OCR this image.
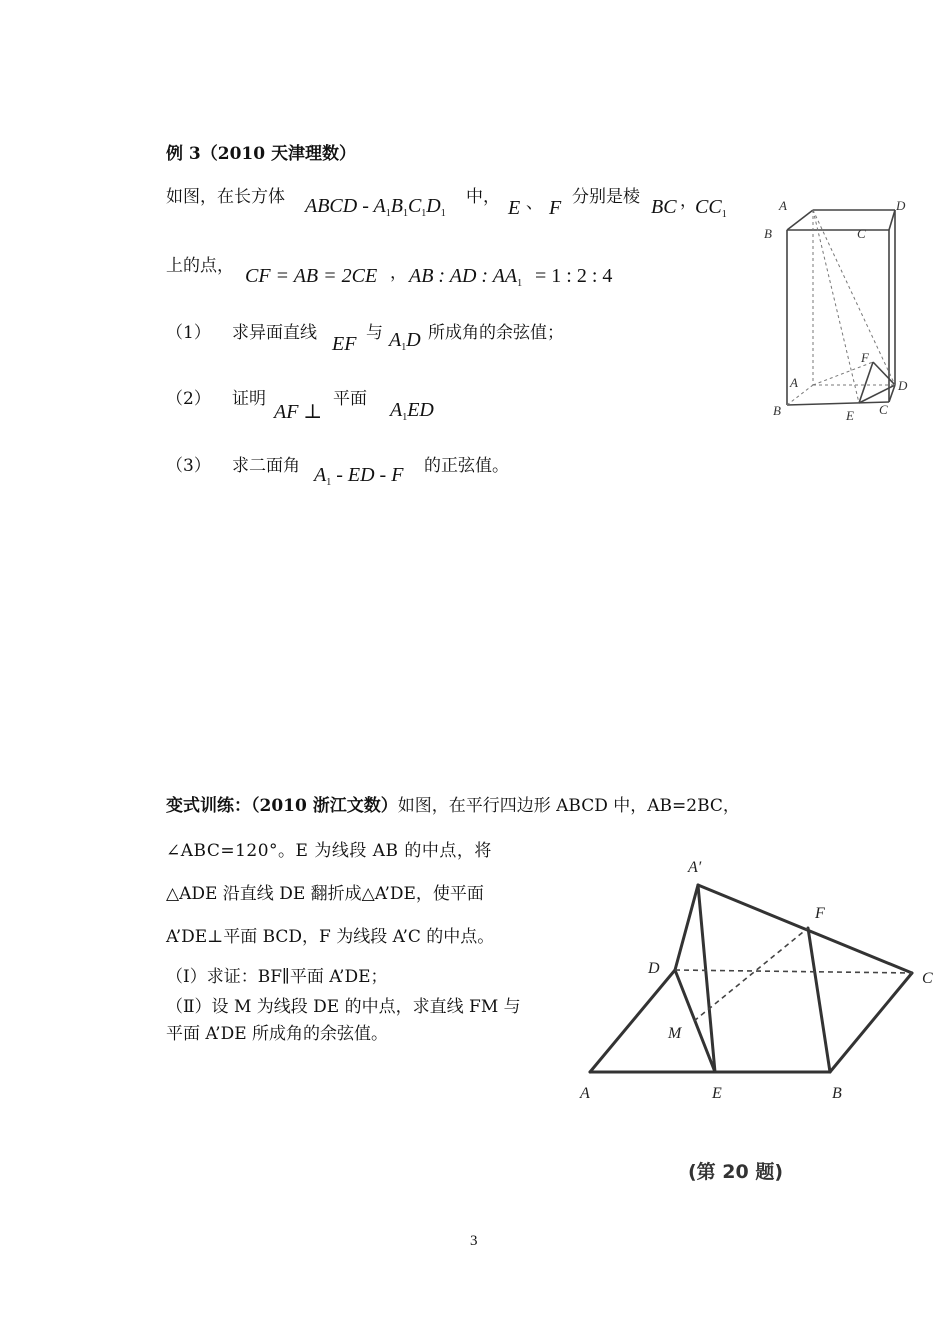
例 3（2010 天津理数）
如图，在长方体 ABCD - $A_1B_1C_1D_1$
中， E 、 F 分别是棱 BC ，
$CC_1$
上的点， CF = AB = 2CE ， AB : AD : $AA_1 = 1$ : 2 : 4
（1） 求异面直线 EF 与 $A_1D$ 所成角的余弦值；
（2） 证明
AF ⊥
平面 $A_1ED$
（3） 求二面角 $A_1$ - ED - F 的正弦值。
A
B	C
D
A
B	C
D
E
F
变式训练：（2010 浙江文数）如图，在平行四边形 ABCD 中，AB=2BC，
∠ABC=120°。E 为线段 AB 的中点，将
△ADE 沿直线 DE 翻折成△A’DE，使平面
A’DE⊥平面 BCD，F 为线段 A’C 的中点。
（Ⅰ）求证：BF∥平面 A’DE；
（Ⅱ）设 M 为线段 DE 的中点，求直线 FM 与
平面 A’DE 所成角的余弦值。
A′
F
D
C
M
A	E	B
(第 20 题)
3
